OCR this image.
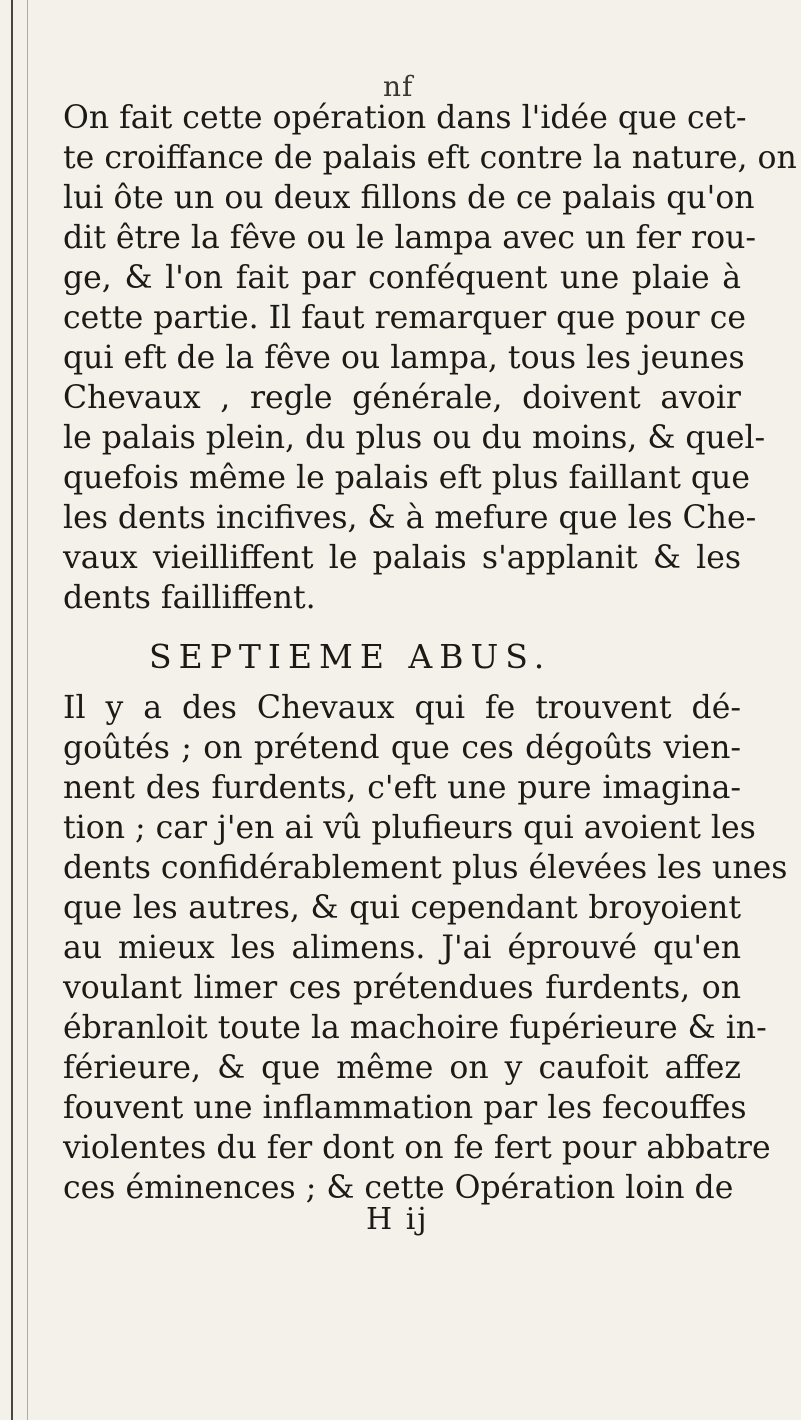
nf
On fait cette opération dans l'idée que cet-
te croiffance de palais eft contre la nature, on
lui ôte un ou deux fillons de ce palais qu'on
dit être la fêve ou le lampa avec un fer rou-
ge, & l'on fait par conféquent une plaie à
cette partie. Il faut remarquer que pour ce
qui eft de la fêve ou lampa, tous les jeunes
Chevaux , regle générale, doivent avoir
le palais plein, du plus ou du moins, & quel-
quefois même le palais eft plus faillant que
les dents incifives, & à mefure que les Che-
vaux vieilliffent le palais s'applanit & les
dents failliffent.
SEPTIEME ABUS.
Il y a des Chevaux qui fe trouvent dé-
goûtés ; on prétend que ces dégoûts vien-
nent des furdents, c'eft une pure imagina-
tion ; car j'en ai vû plufieurs qui avoient les
dents confidérablement plus élevées les unes
que les autres, & qui cependant broyoient
au mieux les alimens. J'ai éprouvé qu'en
voulant limer ces prétendues furdents, on
ébranloit toute la machoire fupérieure & in-
férieure, & que même on y caufoit affez
fouvent une inflammation par les fecouffes
violentes du fer dont on fe fert pour abbatre
ces éminences ; & cette Opération loin de
H ij
